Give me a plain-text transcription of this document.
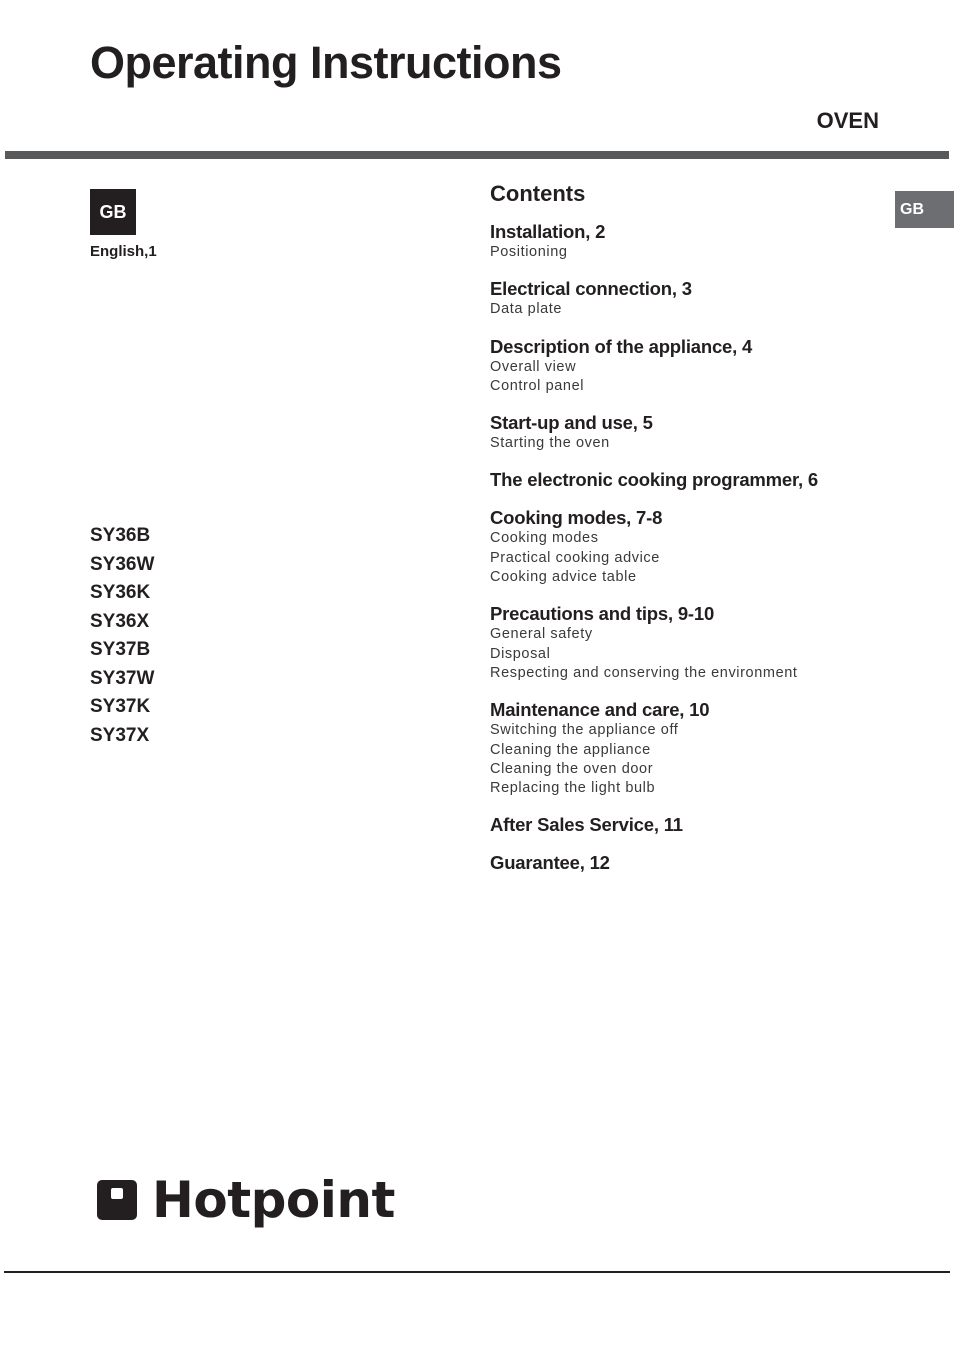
Operating Instructions
OVEN
GB
English,1
GB
SY36B
SY36W
SY36K
SY36X
SY37B
SY37W
SY37K
SY37X
Contents
Installation, 2
Positioning
Electrical connection, 3
Data plate
Description of the appliance, 4
Overall view
Control panel
Start-up and use, 5
Starting the oven
The electronic cooking programmer, 6
Cooking modes, 7-8
Cooking modes
Practical cooking advice
Cooking advice table
Precautions and tips, 9-10
General safety
Disposal
Respecting and conserving the environment
Maintenance and care, 10
Switching the appliance off
Cleaning the appliance
Cleaning the oven door
Replacing the light bulb
After Sales Service, 11
Guarantee, 12
Hotpoint
